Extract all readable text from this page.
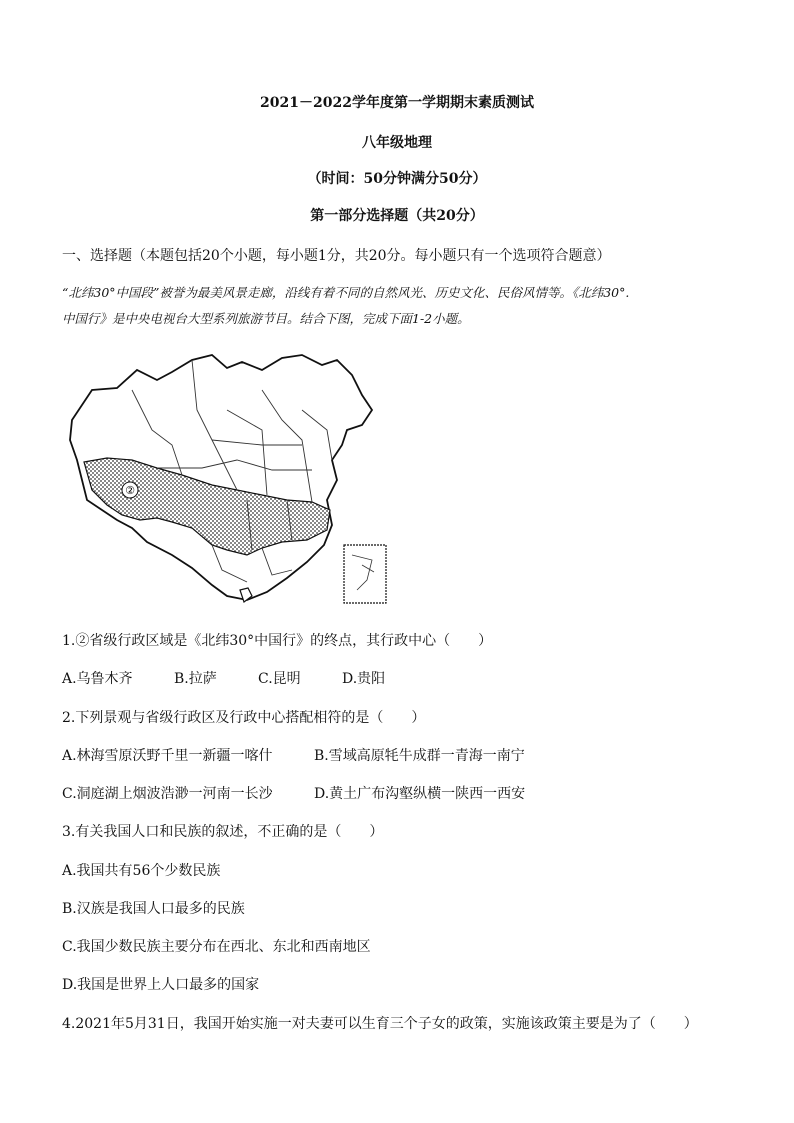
2021－2022学年度第一学期期末素质测试
八年级地理
（时间：50分钟满分50分）
第一部分选择题（共20分）
一、选择题（本题包括20个小题，每小题1分，共20分。每小题只有一个选项符合题意）
“北纬30°中国段”被誉为最美风景走廊，沿线有着不同的自然风光、历史文化、民俗风情等。《北纬30°.
中国行》是中央电视台大型系列旅游节目。结合下图，完成下面1-2小题。
②
1.②省级行政区域是《北纬30°中国行》的终点，其行政中心（　　）
A.乌鲁木齐	B.拉萨	C.昆明	D.贵阳
2.下列景观与省级行政区及行政中心搭配相符的是（　　）
A.林海雪原沃野千里一新疆一喀什	B.雪域高原牦牛成群一青海一南宁
C.洞庭湖上烟波浩渺一河南一长沙	D.黄土广布沟壑纵横一陕西一西安
3.有关我国人口和民族的叙述，不正确的是（　　）
A.我国共有56个少数民族
B.汉族是我国人口最多的民族
C.我国少数民族主要分布在西北、东北和西南地区
D.我国是世界上人口最多的国家
4.2021年5月31日，我国开始实施一对夫妻可以生育三个子女的政策，实施该政策主要是为了（　　）
